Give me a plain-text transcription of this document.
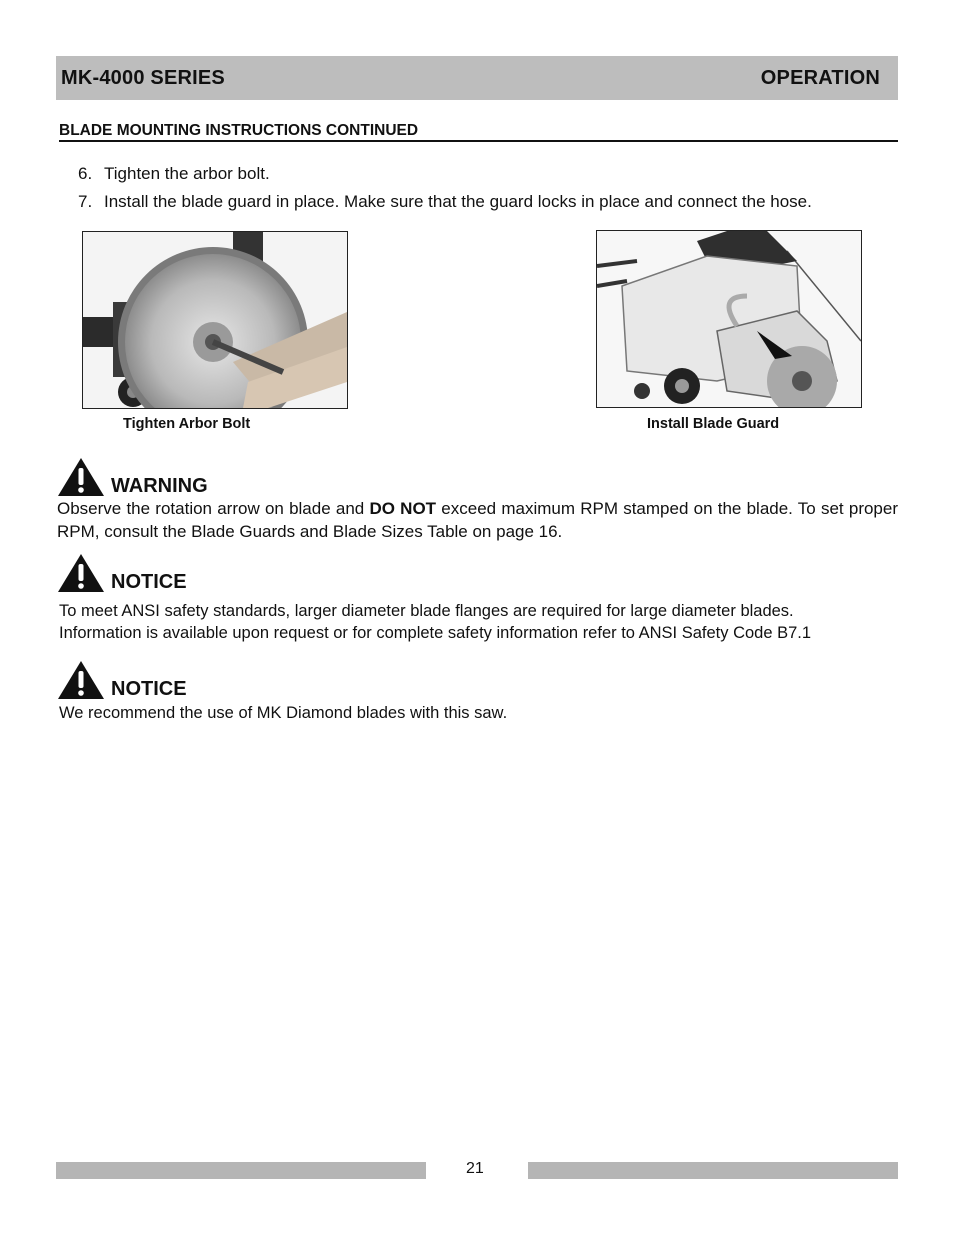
MK-4000 SERIES	OPERATION
BLADE MOUNTING INSTRUCTIONS CONTINUED
6. Tighten the arbor bolt.
7. Install the blade guard in place. Make sure that the guard locks in place and connect the hose.
Tighten Arbor Bolt	Install Blade Guard
WARNING
Observe the rotation arrow on blade and DO NOT exceed maximum RPM stamped on the blade. To set proper RPM, consult the Blade Guards and Blade Sizes Table on page 16.
NOTICE
To meet ANSI safety standards, larger diameter blade flanges are required for large diameter blades.
Information is available upon request or for complete safety information refer to ANSI Safety Code B7.1
NOTICE
We recommend the use of MK Diamond blades with this saw.
21
